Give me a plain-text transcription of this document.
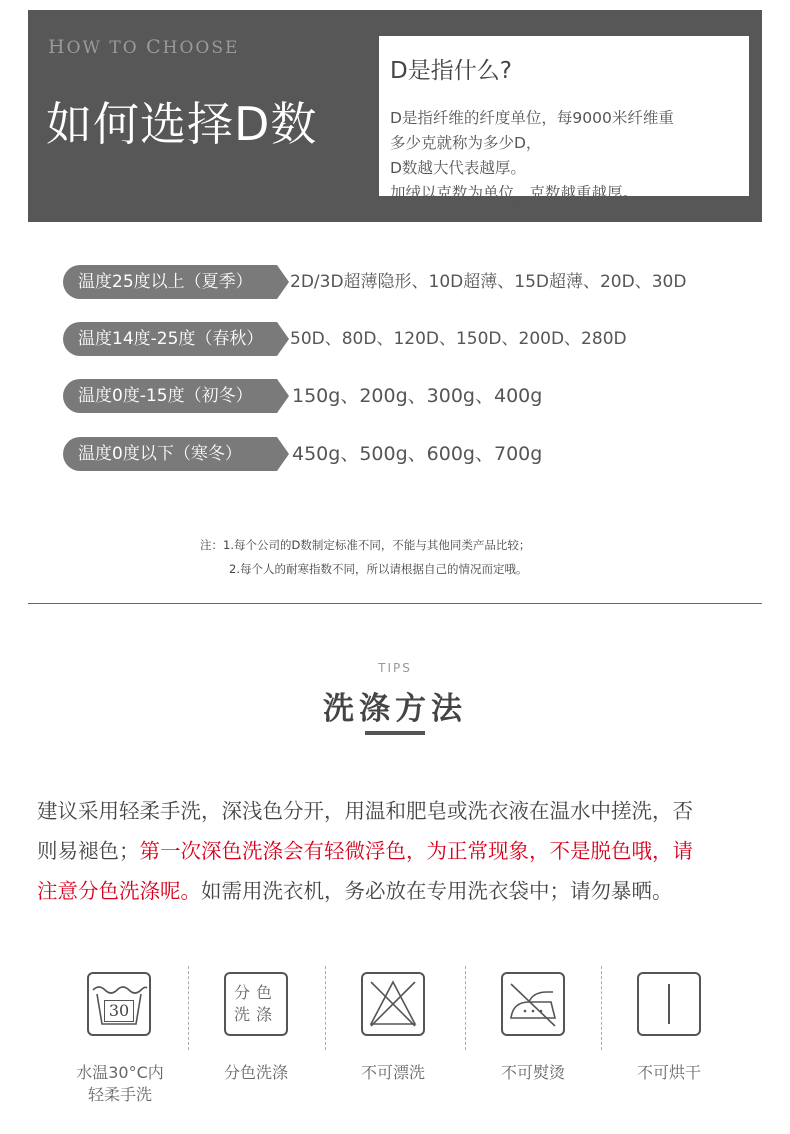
HOW TO CHOOSE
如何选择D数
D是指什么?
D是指纤维的纤度单位，每9000米纤维重
多少克就称为多少D，
D数越大代表越厚。
加绒以克数为单位，克数越重越厚。
温度25度以上（夏季）	2D/3D超薄隐形、10D超薄、15D超薄、20D、30D
温度14度-25度（春秋）	50D、80D、120D、150D、200D、280D
温度0度-15度（初冬）	150g、200g、300g、400g
温度0度以下（寒冬）	450g、500g、600g、700g
注：1.每个公司的D数制定标准不同，不能与其他同类产品比较；
2.每个人的耐寒指数不同，所以请根据自己的情况而定哦。
TIPS
洗涤方法
建议采用轻柔手洗，深浅色分开，用温和肥皂或洗衣液在温水中搓洗，否
则易褪色；第一次深色洗涤会有轻微浮色，为正常现象，不是脱色哦，请
注意分色洗涤呢。如需用洗衣机，务必放在专用洗衣袋中；请勿暴晒。
30
水温30°C内
轻柔手洗
分色
洗涤
分色洗涤	不可漂洗	不可熨烫	不可烘干
